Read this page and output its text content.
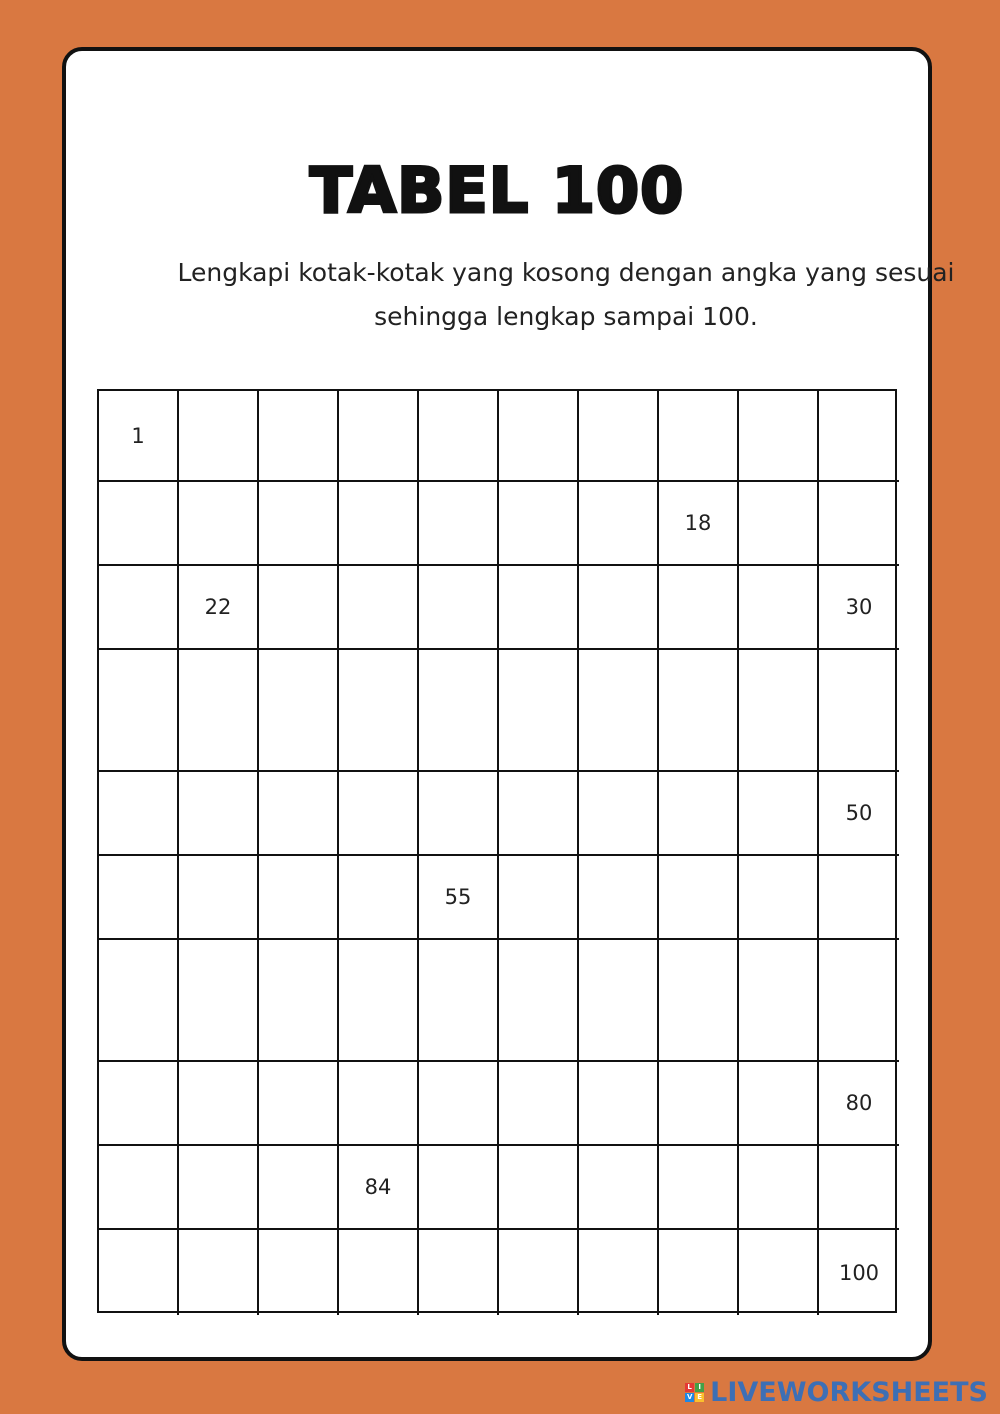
TABEL 100
Lengkapi kotak-kotak yang kosong dengan angka yang sesuai sehingga lengkap sampai 100.
1
18
22	30
50
55
80
84
100
L I
V E LIVEWORKSHEETS
